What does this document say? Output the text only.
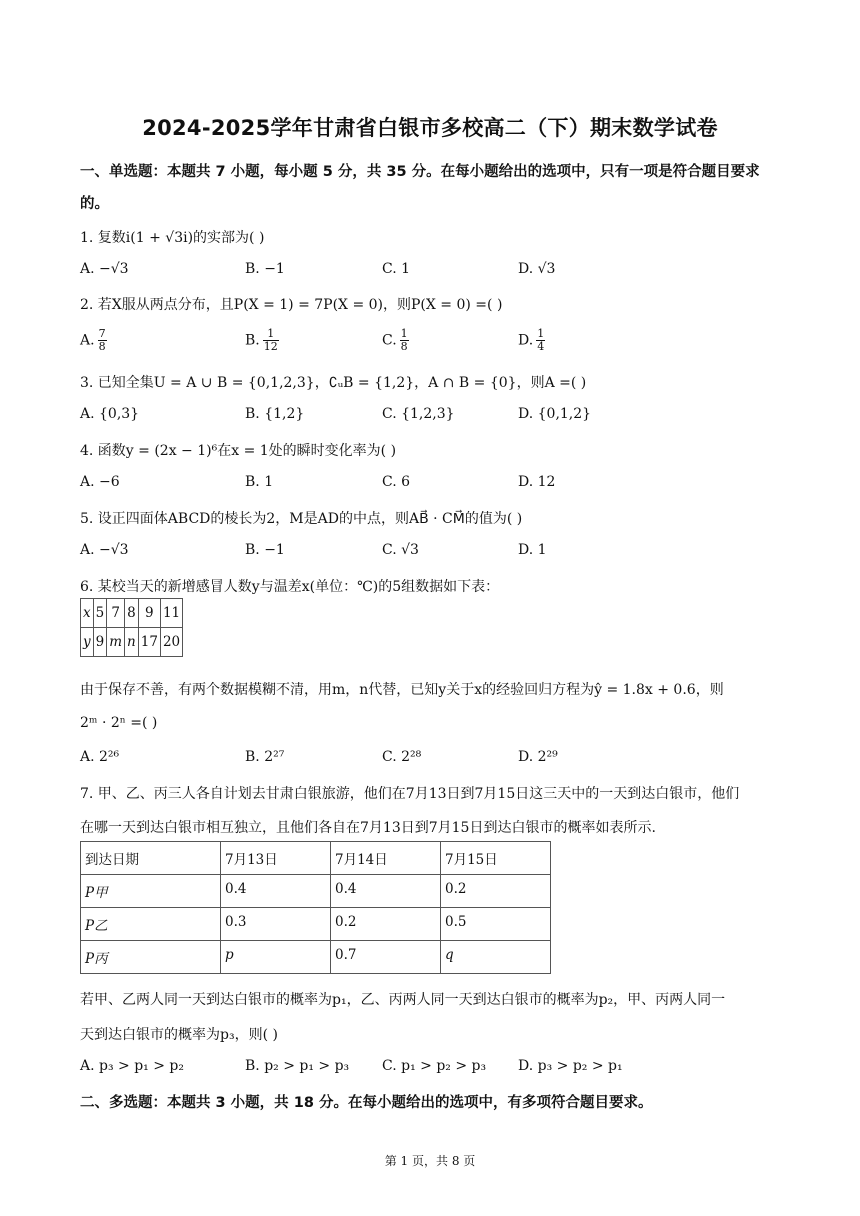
2024-2025学年甘肃省白银市多校高二（下）期末数学试卷
一、单选题：本题共 7 小题，每小题 5 分，共 35 分。在每小题给出的选项中，只有一项是符合题目要求
的。
1. 复数i(1 + √3i)的实部为( )
A. −√3	B. −1	C. 1	D. √3
2. 若X服从两点分布，且P(X = 1) = 7P(X = 0)，则P(X = 0) =( )
A. $\frac{7}{8}$	B. $\frac{1}{12}$	C. $\frac{1}{8}$	D. $\frac{1}{4}$
3. 已知全集U = A ∪ B = {0,1,2,3}，∁ᵤB = {1,2}，A ∩ B = {0}，则A =( )
A. {0,3}	B. {1,2}	C. {1,2,3}	D. {0,1,2}
4. 函数y = (2x − 1)⁶在x = 1处的瞬时变化率为( )
A. −6	B. 1	C. 6	D. 12
5. 设正四面体ABCD的棱长为2，M是AD的中点，则AB⃗ · CM⃗的值为( )
A. −√3	B. −1	C. √3	D. 1
6. 某校当天的新增感冒人数y与温差x(单位：℃)的5组数据如下表：
x	5	7	8	9	11
y	9	m	n	17	20
由于保存不善，有两个数据模糊不清，用m，n代替，已知y关于x的经验回归方程为ŷ = 1.8x + 0.6，则
2ᵐ · 2ⁿ =( )
A. 2²⁶	B. 2²⁷	C. 2²⁸	D. 2²⁹
7. 甲、乙、丙三人各自计划去甘肃白银旅游，他们在7月13日到7月15日这三天中的一天到达白银市，他们
在哪一天到达白银市相互独立，且他们各自在7月13日到7月15日到达白银市的概率如表所示.
到达日期	7月13日	7月14日	7月15日
P甲	0.4	0.4	0.2
P乙	0.3	0.2	0.5
P丙	p	0.7	q
若甲、乙两人同一天到达白银市的概率为p₁，乙、丙两人同一天到达白银市的概率为p₂，甲、丙两人同一
天到达白银市的概率为p₃，则( )
A. p₃ > p₁ > p₂	B. p₂ > p₁ > p₃ C. p₁ > p₂ > p₃ D. p₃ > p₂ > p₁
二、多选题：本题共 3 小题，共 18 分。在每小题给出的选项中，有多项符合题目要求。
第 1 页，共 8 页
